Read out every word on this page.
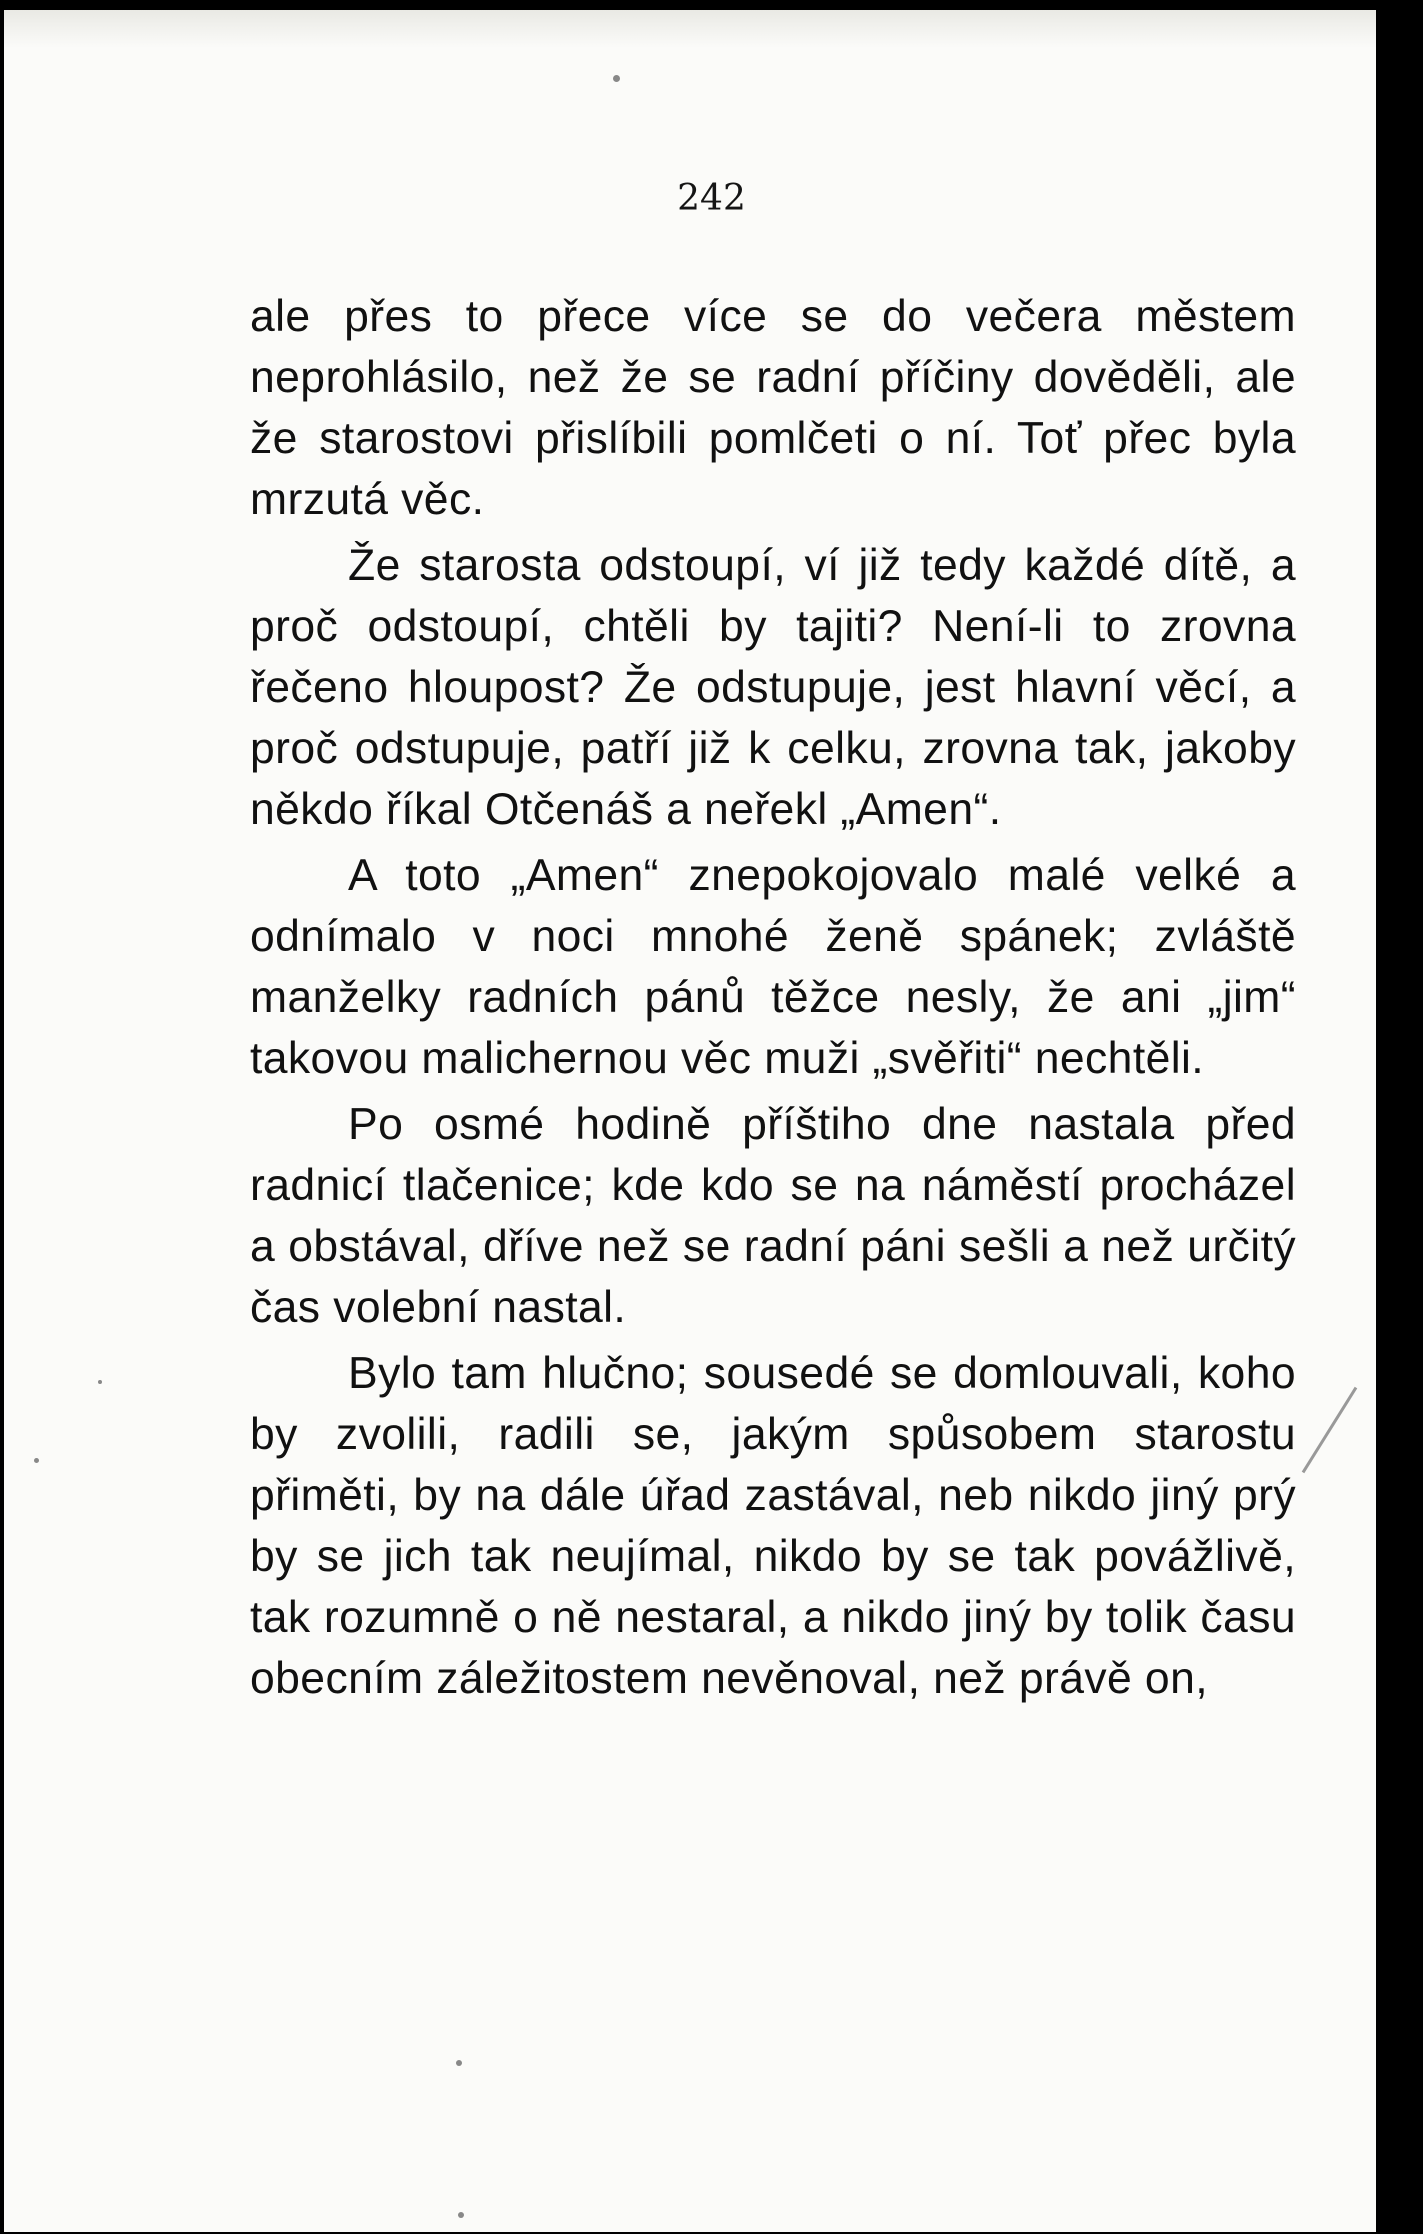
242

ale přes to přece více se do večera městem neprohlásilo, než že se radní příčiny dověděli, ale že starostovi přislíbili pomlčeti o ní. Toť přec byla mrzutá věc.

Že starosta odstoupí, ví již tedy každé dítě, a proč odstoupí, chtěli by tajiti? Není-li to zrovna řečeno hloupost? Že odstupuje, jest hlavní věcí, a proč odstupuje, patří již k celku, zrovna tak, jakoby někdo říkal Otčenáš a neřekl „Amen“.

A toto „Amen“ znepokojovalo malé velké a odnímalo v noci mnohé ženě spánek; zvláště manželky radních pánů těžce nesly, že ani „jim“ takovou malichernou věc muži „svěřiti“ nechtěli.

Po osmé hodině příštiho dne nastala před radnicí tlačenice; kde kdo se na náměstí procházel a obstával, dříve než se radní páni sešli a než určitý čas volební nastal.

Bylo tam hlučno; sousedé se domlouvali, koho by zvolili, radili se, jakým spůsobem starostu přiměti, by na dále úřad zastával, neb nikdo jiný prý by se jich tak neujímal, nikdo by se tak povážlivě, tak rozumně o ně nestaral, a nikdo jiný by tolik času obecním záležitostem nevěnoval, než právě on,
